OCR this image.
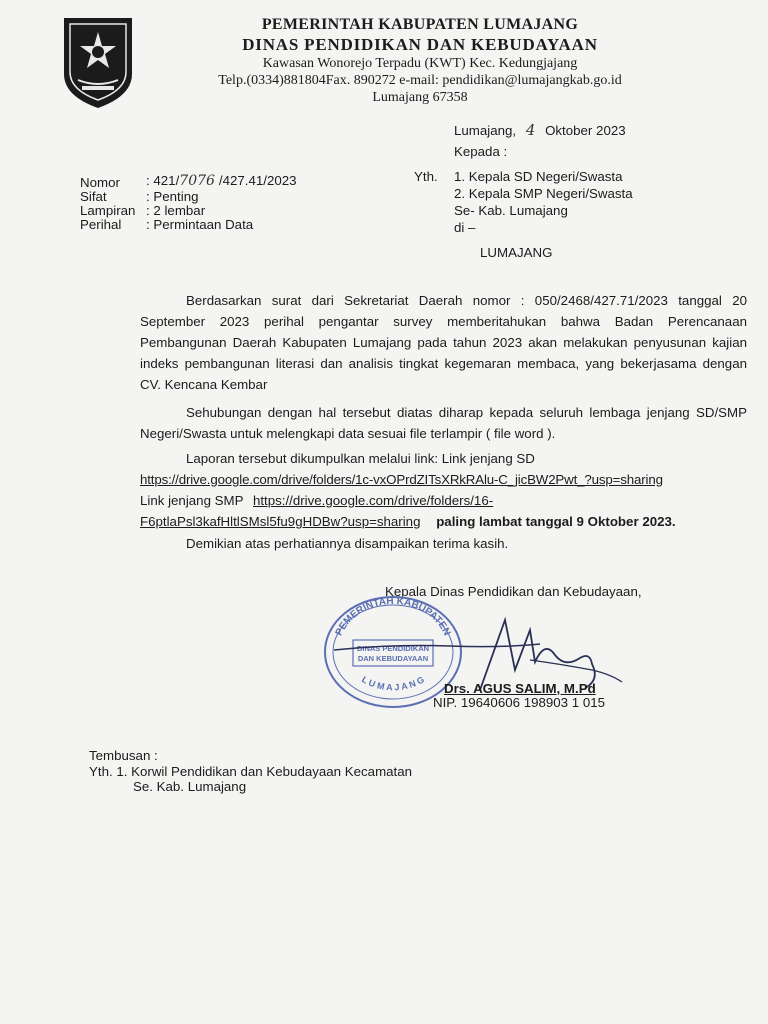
PEMERINTAH KABUPATEN LUMAJANG
DINAS PENDIDIKAN DAN KEBUDAYAAN
Kawasan Wonorejo Terpadu (KWT) Kec. Kedungjajang
Telp.(0334)881804Fax. 890272 e-mail: pendidikan@lumajangkab.go.id
Lumajang 67358
Lumajang, 4 Oktober 2023
Kepada :
Nomor	: 421/7076 /427.41/2023
Sifat	: Penting
Lampiran : 2 lembar
Perihal	: Permintaan Data
Yth. 1. Kepala SD Negeri/Swasta
2. Kepala SMP Negeri/Swasta
Se- Kab. Lumajang
di –
LUMAJANG
Berdasarkan surat dari Sekretariat Daerah nomor : 050/2468/427.71/2023 tanggal 20 September 2023 perihal pengantar survey memberitahukan bahwa Badan Perencanaan Pembangunan Daerah Kabupaten Lumajang pada tahun 2023 akan melakukan penyusunan kajian indeks pembangunan literasi dan analisis tingkat kegemaran membaca, yang bekerjasama dengan CV. Kencana Kembar
Sehubungan dengan hal tersebut diatas diharap kepada seluruh lembaga jenjang SD/SMP Negeri/Swasta untuk melengkapi data sesuai file terlampir ( file word ).
Laporan tersebut dikumpulkan melalui link: Link jenjang SD
https://drive.google.com/drive/folders/1c-vxOPrdZITsXRkRAlu-C_jicBW2Pwt_?usp=sharing
Link jenjang SMP https://drive.google.com/drive/folders/16-
F6ptlaPsl3kafHltlSMsl5fu9gHDBw?usp=sharing paling lambat tanggal 9 Oktober 2023.
Demikian atas perhatiannya disampaikan terima kasih.
Kepala Dinas Pendidikan dan Kebudayaan,
PEMERINTAH KABUPATEN
L U M A J A N G
DINAS PENDIDIKAN
DAN KEBUDAYAAN
Drs. AGUS SALIM, M.Pd
NIP. 19640606 198903 1 015
Tembusan :
Yth. 1. Korwil Pendidikan dan Kebudayaan Kecamatan
Se. Kab. Lumajang
